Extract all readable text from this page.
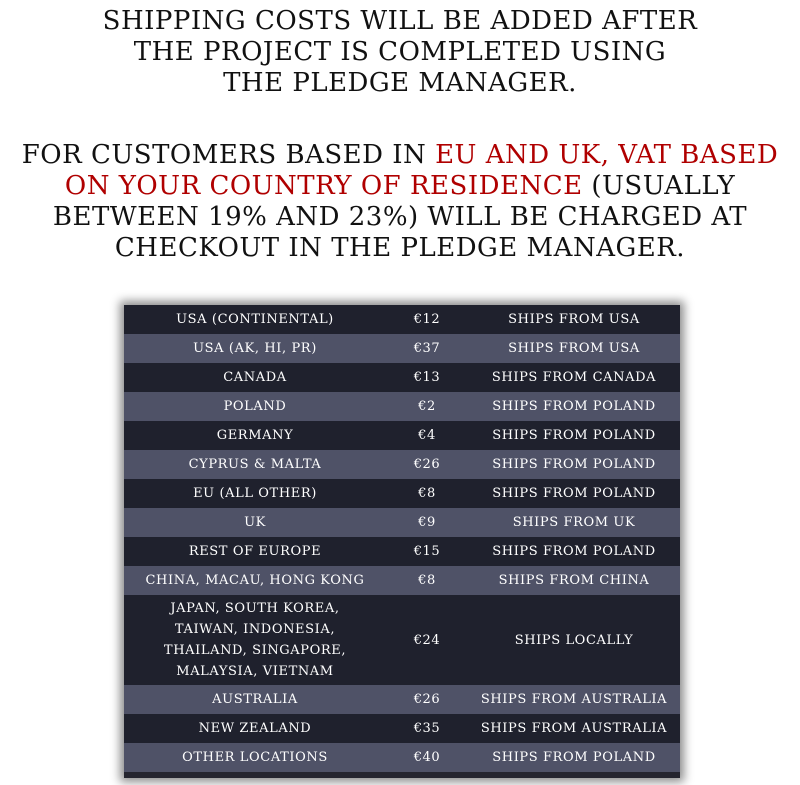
SHIPPING COSTS WILL BE ADDED AFTER
THE PROJECT IS COMPLETED USING
THE PLEDGE MANAGER.
FOR CUSTOMERS BASED IN EU AND UK, VAT BASED
ON YOUR COUNTRY OF RESIDENCE (USUALLY
BETWEEN 19% AND 23%) WILL BE CHARGED AT
CHECKOUT IN THE PLEDGE MANAGER.
USA (CONTINENTAL)	€12	SHIPS FROM USA
USA (AK, HI, PR)	€37	SHIPS FROM USA
CANADA	€13	SHIPS FROM CANADA
POLAND	€2	SHIPS FROM POLAND
GERMANY	€4	SHIPS FROM POLAND
CYPRUS & MALTA	€26	SHIPS FROM POLAND
EU (ALL OTHER)	€8	SHIPS FROM POLAND
UK	€9	SHIPS FROM UK
REST OF EUROPE	€15	SHIPS FROM POLAND
CHINA, MACAU, HONG KONG	€8	SHIPS FROM CHINA
JAPAN, SOUTH KOREA,
TAIWAN, INDONESIA,
THAILAND, SINGAPORE,
MALAYSIA, VIETNAM
€24	SHIPS LOCALLY
AUSTRALIA	€26	SHIPS FROM AUSTRALIA
NEW ZEALAND	€35	SHIPS FROM AUSTRALIA
OTHER LOCATIONS	€40	SHIPS FROM POLAND
